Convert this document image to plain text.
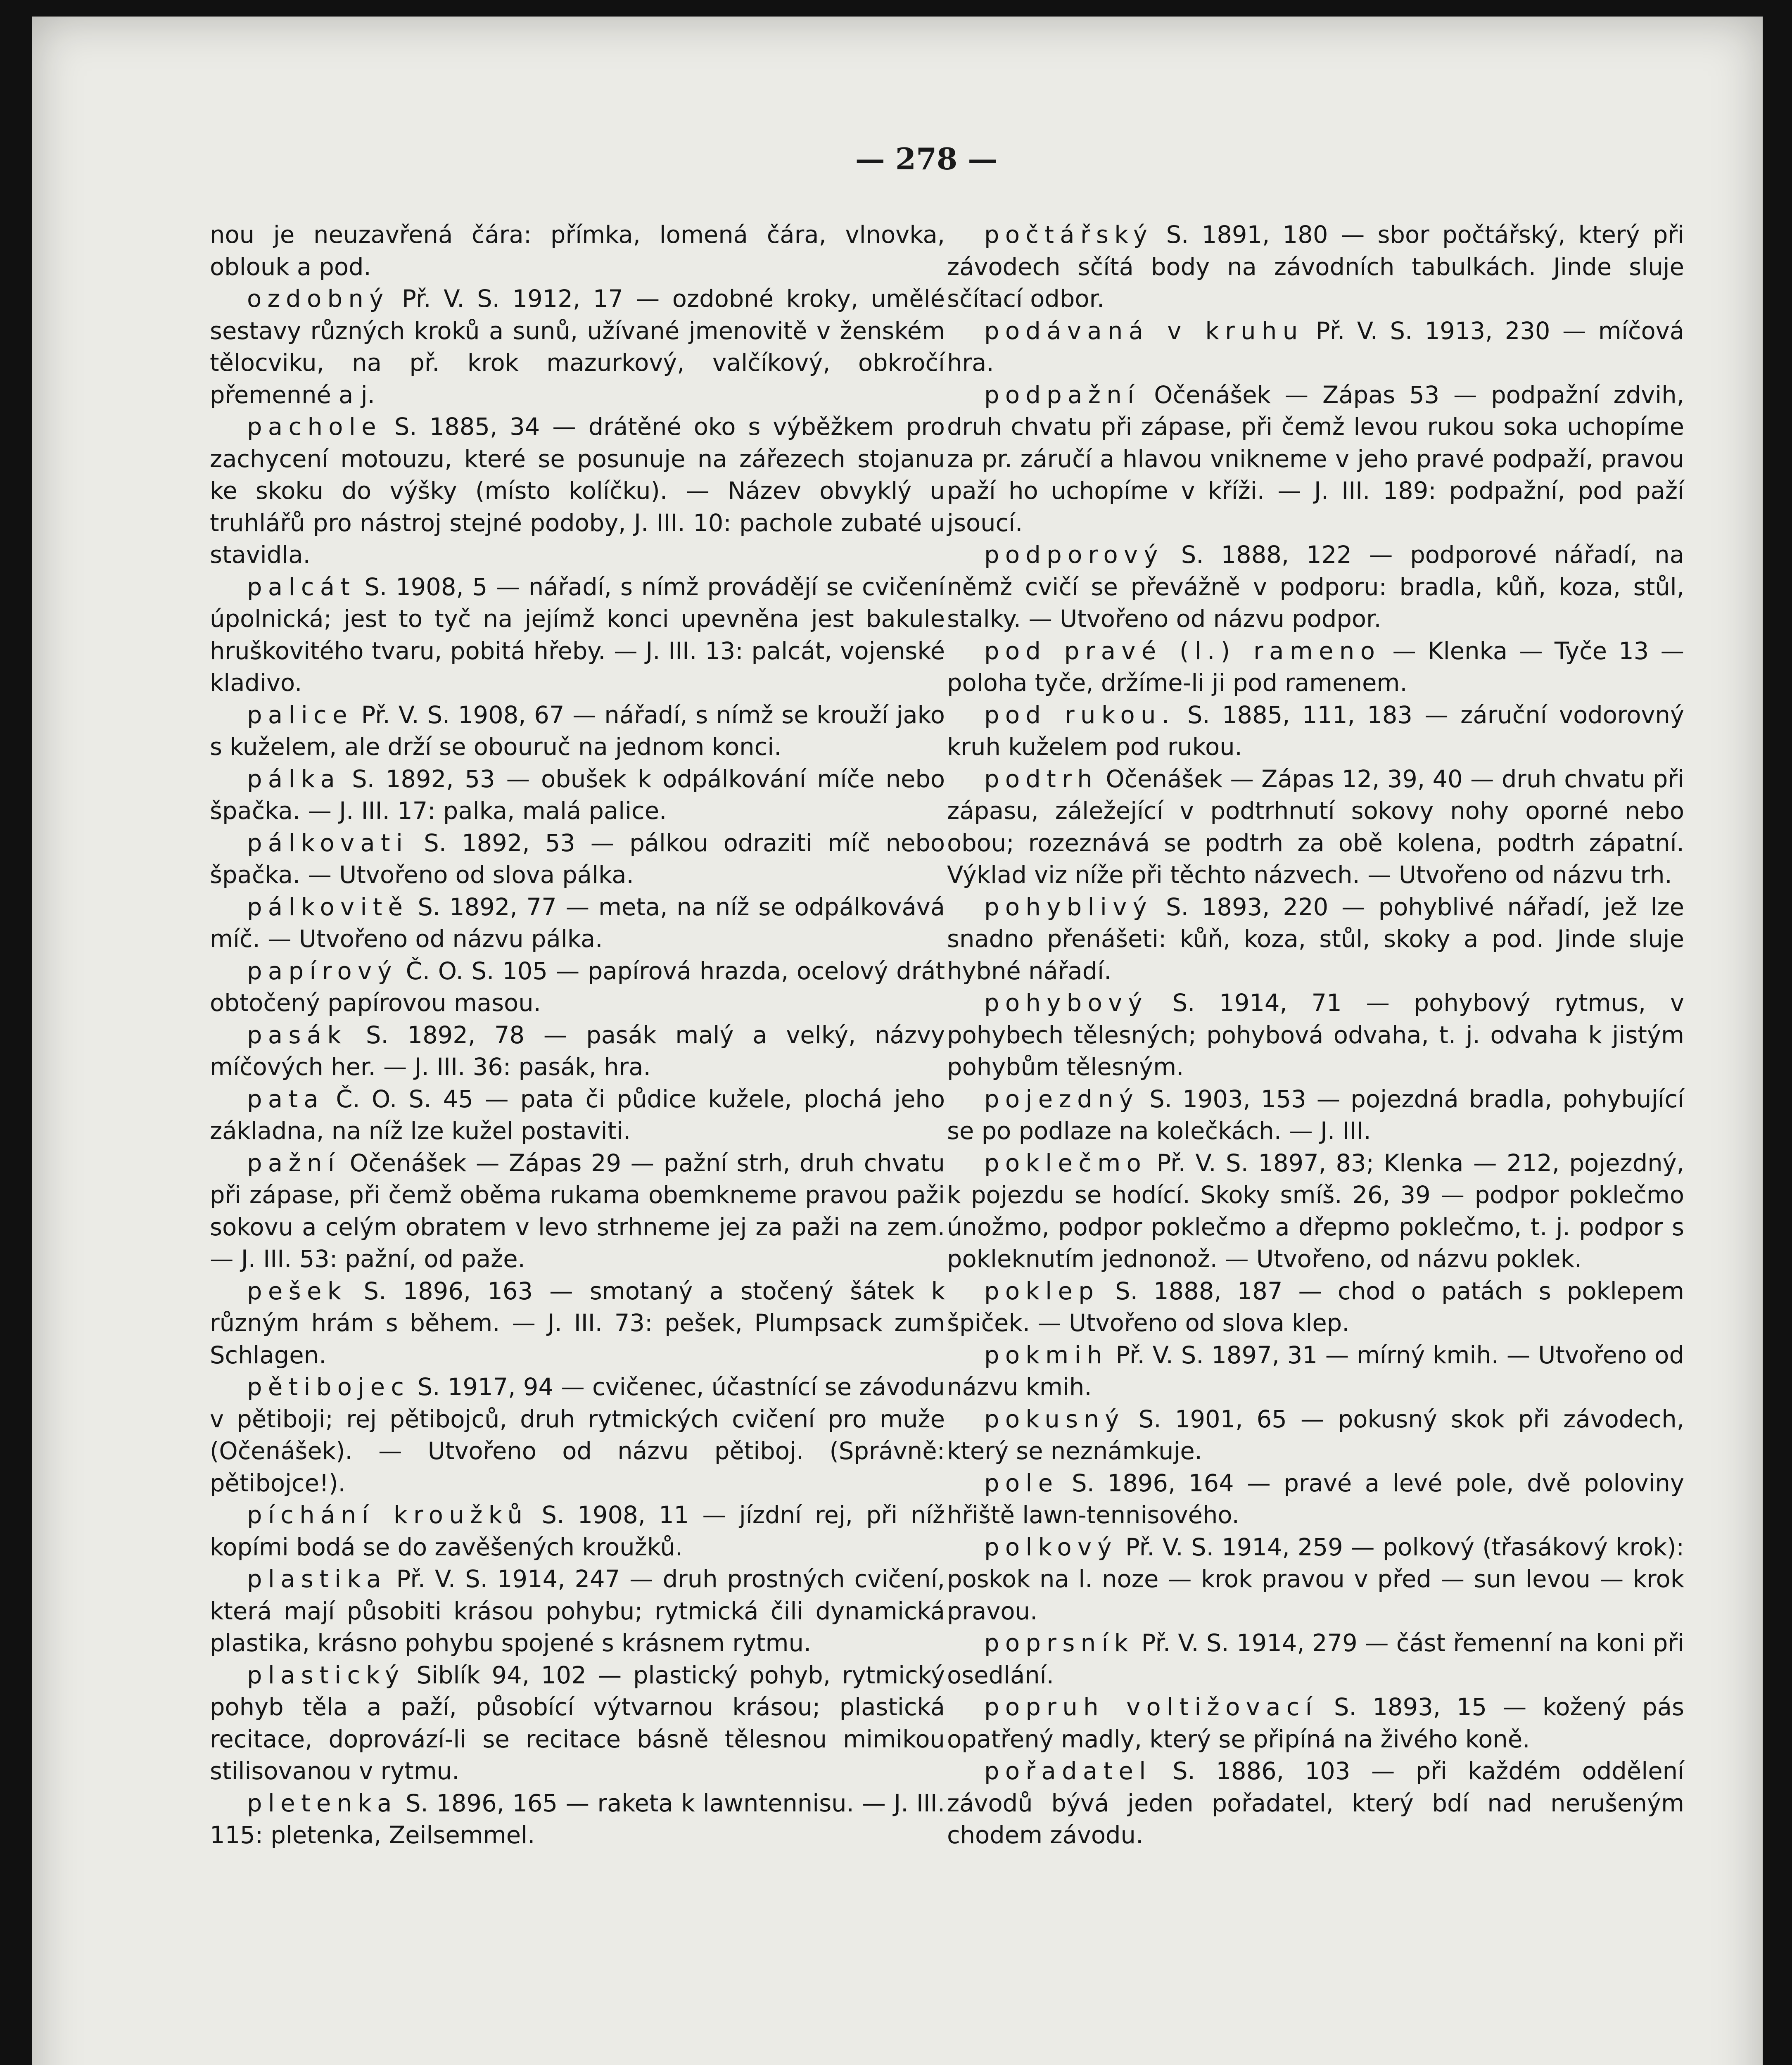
— 278 —

nou je neuzavřená čára: přímka, lomená čára, vlnovka, oblouk a pod.

ozdobný Př. V. S. 1912, 17 — ozdobné kroky, umělé sestavy různých kroků a sunů, užívané jmenovitě v ženském tělocviku, na př. krok mazurkový, valčíkový, obkročí přemenné a j.

pachole S. 1885, 34 — drátěné oko s výběžkem pro zachycení motouzu, které se posunuje na zářezech stojanu ke skoku do výšky (místo kolíčku). — Název obvyklý u truhlářů pro nástroj stejné podoby, J. III. 10: pachole zubaté u stavidla.

palcát S. 1908, 5 — nářadí, s nímž provádějí se cvičení úpolnická; jest to tyč na jejímž konci upevněna jest bakule hruškovitého tvaru, pobitá hřeby. — J. III. 13: palcát, vojenské kladivo.

palice Př. V. S. 1908, 67 — nářadí, s nímž se krouží jako s kuželem, ale drží se obouruč na jednom konci.

pálka S. 1892, 53 — obušek k odpálkování míče nebo špačka. — J. III. 17: palka, malá palice.

pálkovati S. 1892, 53 — pálkou odraziti míč nebo špačka. — Utvořeno od slova pálka.

pálkovitě S. 1892, 77 — meta, na níž se odpálkovává míč. — Utvořeno od názvu pálka.

papírový Č. O. S. 105 — papírová hrazda, ocelový drát obtočený papírovou masou.

pasák S. 1892, 78 — pasák malý a velký, názvy míčových her. — J. III. 36: pasák, hra.

pata Č. O. S. 45 — pata či půdice kužele, plochá jeho základna, na níž lze kužel postaviti.

pažní Očenášek — Zápas 29 — pažní strh, druh chvatu při zápase, při čemž oběma rukama obemkneme pravou paži sokovu a celým obratem v levo strhneme jej za paži na zem. — J. III. 53: pažní, od paže.

pešek S. 1896, 163 — smotaný a stočený šátek k různým hrám s během. — J. III. 73: pešek, Plumpsack zum Schlagen.

pětibojec S. 1917, 94 — cvičenec, účastnící se závodu v pětiboji; rej pětibojců, druh rytmických cvičení pro muže (Očenášek). — Utvořeno od názvu pětiboj. (Správně: pětibojce!).

píchání kroužků S. 1908, 11 — jízdní rej, při níž kopími bodá se do zavěšených kroužků.

plastika Př. V. S. 1914, 247 — druh prostných cvičení, která mají působiti krásou pohybu; rytmická čili dynamická plastika, krásno pohybu spojené s krásnem rytmu.

plastický Siblík 94, 102 — plastický pohyb, rytmický pohyb těla a paží, působící výtvarnou krásou; plastická recitace, doprovází-li se recitace básně tělesnou mimikou stilisovanou v rytmu.

pletenka S. 1896, 165 — raketa k lawntennisu. — J. III. 115: pletenka, Zeilsemmel.

počtářský S. 1891, 180 — sbor počtářský, který při závodech sčítá body na závodních tabulkách. Jinde sluje sčítací odbor.

podávaná v kruhu Př. V. S. 1913, 230 — míčová hra.

podpažní Očenášek — Zápas 53 — podpažní zdvih, druh chvatu při zápase, při čemž levou rukou soka uchopíme za pr. záručí a hlavou vnikneme v jeho pravé podpaží, pravou paží ho uchopíme v kříži. — J. III. 189: podpažní, pod paží jsoucí.

podporový S. 1888, 122 — podporové nářadí, na němž cvičí se převážně v podporu: bradla, kůň, koza, stůl, stalky. — Utvořeno od názvu podpor.

pod pravé (l.) rameno — Klenka — Tyče 13 — poloha tyče, držíme-li ji pod ramenem.

pod rukou. S. 1885, 111, 183 — záruční vodorovný kruh kuželem pod rukou.

podtrh Očenášek — Zápas 12, 39, 40 — druh chvatu při zápasu, záležející v podtrhnutí sokovy nohy oporné nebo obou; rozeznává se podtrh za obě kolena, podtrh zápatní. Výklad viz níže při těchto názvech. — Utvořeno od názvu trh.

pohyblivý S. 1893, 220 — pohyblivé nářadí, jež lze snadno přenášeti: kůň, koza, stůl, skoky a pod. Jinde sluje hybné nářadí.

pohybový S. 1914, 71 — pohybový rytmus, v pohybech tělesných; pohybová odvaha, t. j. odvaha k jistým pohybům tělesným.

pojezdný S. 1903, 153 — pojezdná bradla, pohybující se po podlaze na kolečkách. — J. III.

poklečmo Př. V. S. 1897, 83; Klenka — 212, pojezdný, k pojezdu se hodící. Skoky smíš. 26, 39 — podpor poklečmo únožmo, podpor poklečmo a dřepmo poklečmo, t. j. podpor s pokleknutím jednonož. — Utvořeno, od názvu poklek.

poklep S. 1888, 187 — chod o patách s poklepem špiček. — Utvořeno od slova klep.

pokmih Př. V. S. 1897, 31 — mírný kmih. — Utvořeno od názvu kmih.

pokusný S. 1901, 65 — pokusný skok při závodech, který se neznámkuje.

pole S. 1896, 164 — pravé a levé pole, dvě poloviny hřiště lawn-tennisového.

polkový Př. V. S. 1914, 259 — polkový (třasákový krok): poskok na l. noze — krok pravou v před — sun levou — krok pravou.

poprsník Př. V. S. 1914, 279 — část řemenní na koni při osedlání.

popruh voltižovací S. 1893, 15 — kožený pás opatřený madly, který se připíná na živého koně.

pořadatel S. 1886, 103 — při každém oddělení závodů bývá jeden pořadatel, který bdí nad nerušeným chodem závodu.
